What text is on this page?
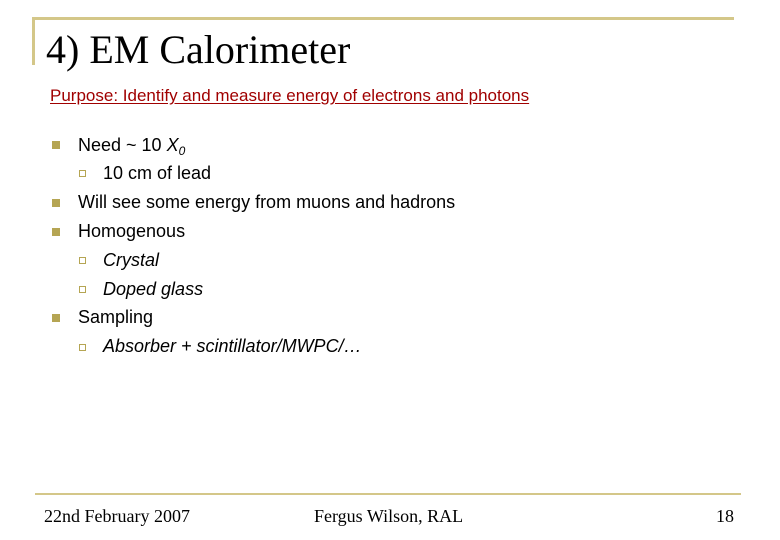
4) EM Calorimeter
Purpose: Identify and measure energy of electrons and photons
Need ~ 10 $X_0$
10 cm of lead
Will see some energy from muons and hadrons
Homogenous
Crystal
Doped glass
Sampling
Absorber + scintillator/MWPC/…
22nd February 2007	Fergus Wilson, RAL	18
